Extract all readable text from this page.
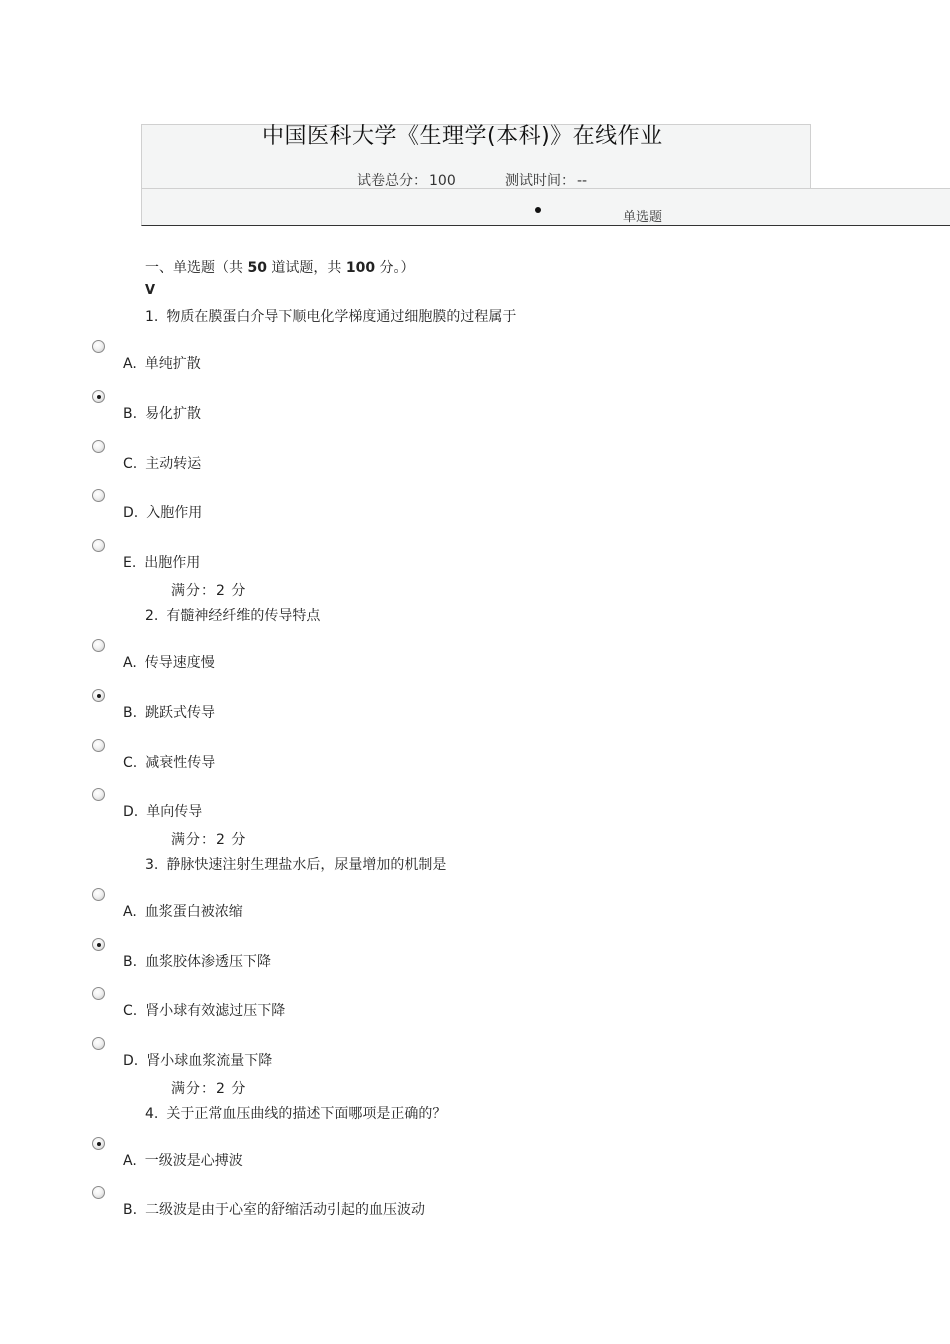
中国医科大学《生理学(本科)》在线作业
试卷总分： 100	测试时间： --
单选题
一、单选题（共 50 道试题，共 100 分。）
V
1. 物质在膜蛋白介导下顺电化学梯度通过细胞膜的过程属于
A. 单纯扩散
B. 易化扩散
C. 主动转运
D. 入胞作用
E. 出胞作用
满分：2 分
2. 有髓神经纤维的传导特点
A. 传导速度慢
B. 跳跃式传导
C. 减衰性传导
D. 单向传导
满分：2 分
3. 静脉快速注射生理盐水后，尿量增加的机制是
A. 血浆蛋白被浓缩
B. 血浆胶体渗透压下降
C. 肾小球有效滤过压下降
D. 肾小球血浆流量下降
满分：2 分
4. 关于正常血压曲线的描述下面哪项是正确的？
A. 一级波是心搏波
B. 二级波是由于心室的舒缩活动引起的血压波动
